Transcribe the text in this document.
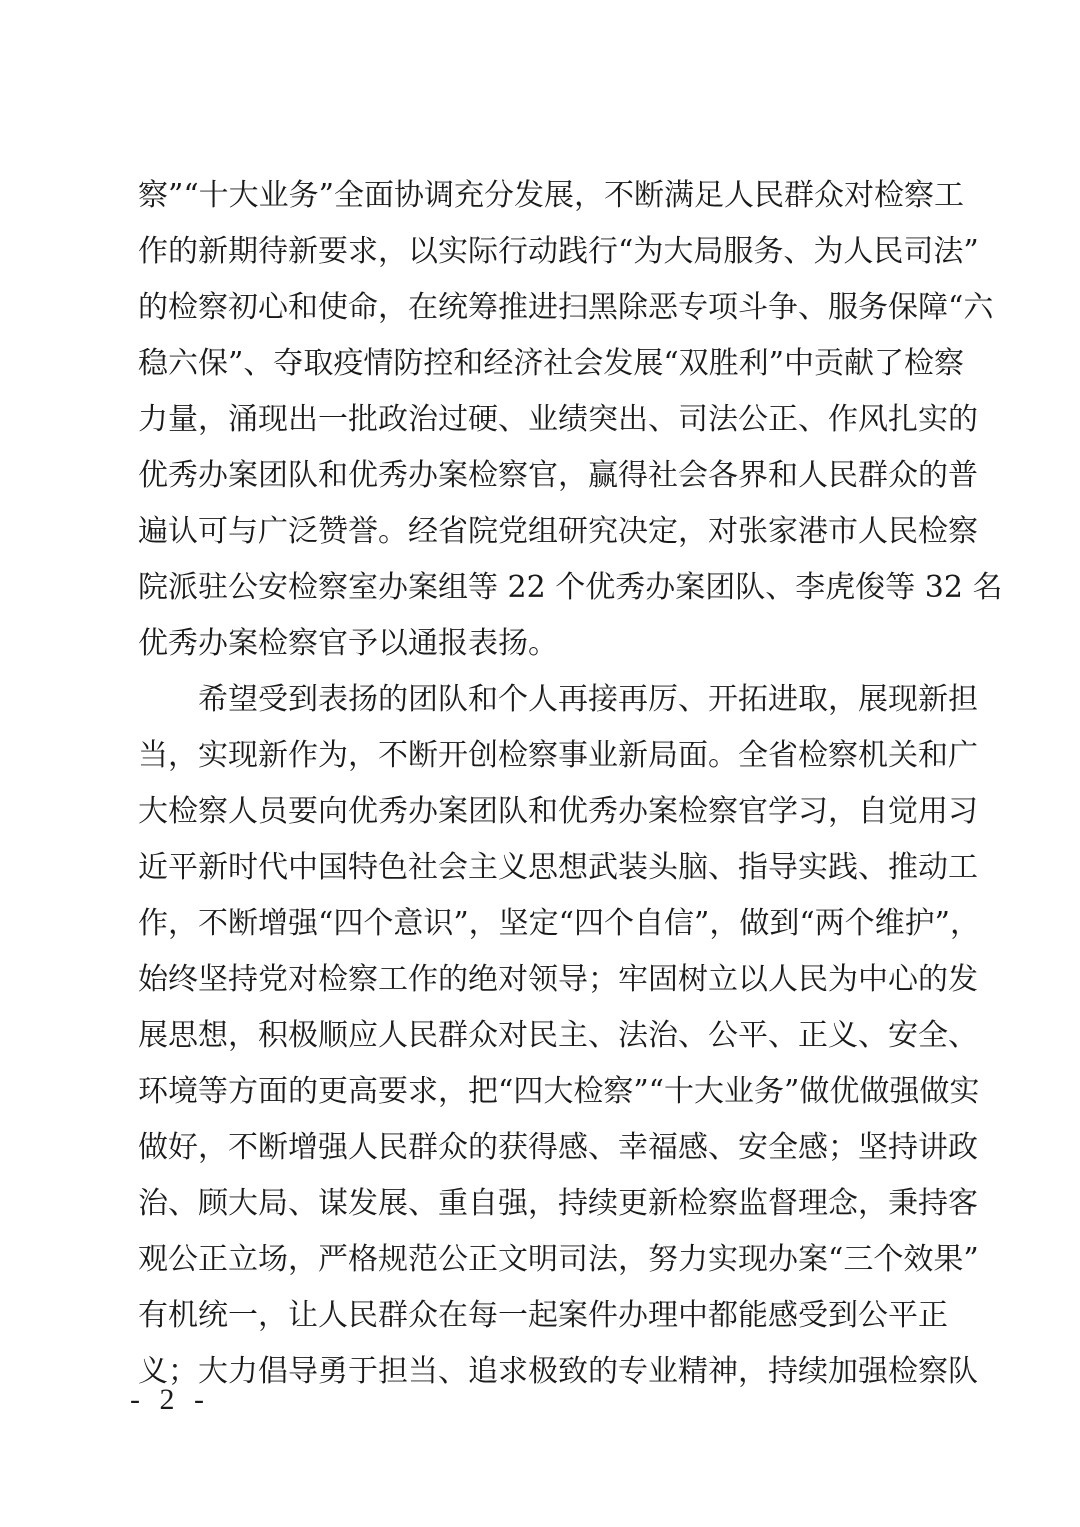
察”“十大业务”全面协调充分发展，不断满足人民群众对检察工
作的新期待新要求，以实际行动践行“为大局服务、为人民司法”
的检察初心和使命，在统筹推进扫黑除恶专项斗争、服务保障“六
稳六保”、夺取疫情防控和经济社会发展“双胜利”中贡献了检察
力量，涌现出一批政治过硬、业绩突出、司法公正、作风扎实的
优秀办案团队和优秀办案检察官，赢得社会各界和人民群众的普
遍认可与广泛赞誉。经省院党组研究决定，对张家港市人民检察
院派驻公安检察室办案组等 22 个优秀办案团队、李虎俊等 32 名
优秀办案检察官予以通报表扬。
希望受到表扬的团队和个人再接再厉、开拓进取，展现新担
当，实现新作为，不断开创检察事业新局面。全省检察机关和广
大检察人员要向优秀办案团队和优秀办案检察官学习，自觉用习
近平新时代中国特色社会主义思想武装头脑、指导实践、推动工
作，不断增强“四个意识”，坚定“四个自信”，做到“两个维护”，
始终坚持党对检察工作的绝对领导；牢固树立以人民为中心的发
展思想，积极顺应人民群众对民主、法治、公平、正义、安全、
环境等方面的更高要求，把“四大检察”“十大业务”做优做强做实
做好，不断增强人民群众的获得感、幸福感、安全感；坚持讲政
治、顾大局、谋发展、重自强，持续更新检察监督理念，秉持客
观公正立场，严格规范公正文明司法，努力实现办案“三个效果”
有机统一，让人民群众在每一起案件办理中都能感受到公平正
义；大力倡导勇于担当、追求极致的专业精神，持续加强检察队
- 2 -
